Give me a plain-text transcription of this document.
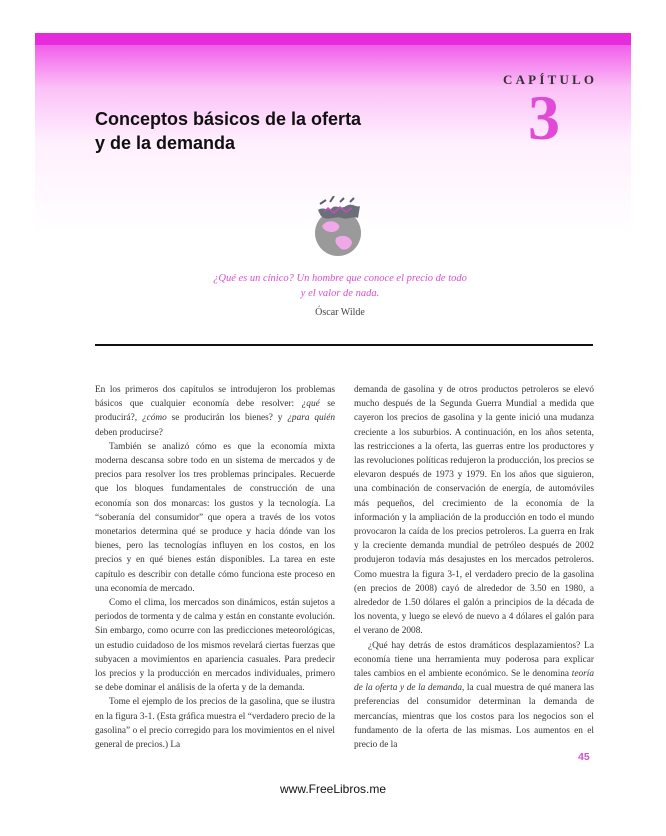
CAPÍTULO
3
Conceptos básicos de la oferta
y de la demanda
¿Qué es un cínico? Un hombre que conoce el precio de todo
y el valor de nada.
Óscar Wilde

En los primeros dos capítulos se introdujeron los problemas básicos que cualquier economía debe resolver: ¿qué se producirá?, ¿cómo se producirán los bienes? y ¿para quién deben producirse?

También se analizó cómo es que la economía mixta moderna descansa sobre todo en un sistema de mercados y de precios para resolver los tres problemas principales. Recuerde que los bloques fundamentales de construcción de una economía son dos monarcas: los gustos y la tecnología. La “soberanía del consumidor” que opera a través de los votos monetarios determina qué se produce y hacia dónde van los bienes, pero las tecnologías influyen en los costos, en los precios y en qué bienes están disponibles. La tarea en este capítulo es describir con detalle cómo funciona este proceso en una economía de mercado.

Como el clima, los mercados son dinámicos, están sujetos a periodos de tormenta y de calma y están en constante evolución. Sin embargo, como ocurre con las predicciones meteorológicas, un estudio cuidadoso de los mismos revelará ciertas fuerzas que subyacen a movimientos en apariencia casuales. Para predecir los precios y la producción en mercados individuales, primero se debe dominar el análisis de la oferta y de la demanda.

Tome el ejemplo de los precios de la gasolina, que se ilustra en la figura 3-1. (Esta gráfica muestra el “verdadero precio de la gasolina” o el precio corregido para los movimientos en el nivel general de precios.) La

demanda de gasolina y de otros productos petroleros se elevó mucho después de la Segunda Guerra Mundial a medida que cayeron los precios de gasolina y la gente inició una mudanza creciente a los suburbios. A continuación, en los años setenta, las restricciones a la oferta, las guerras entre los productores y las revoluciones políticas redujeron la producción, los precios se elevaron después de 1973 y 1979. En los años que siguieron, una combinación de conservación de energía, de automóviles más pequeños, del crecimiento de la economía de la información y la ampliación de la producción en todo el mundo provocaron la caída de los precios petroleros. La guerra en Irak y la creciente demanda mundial de petróleo después de 2002 produjeron todavía más desajustes en los mercados petroleros. Como muestra la figura 3-1, el verdadero precio de la gasolina (en precios de 2008) cayó de alrededor de 3.50 en 1980, a alrededor de 1.50 dólares el galón a principios de la década de los noventa, y luego se elevó de nuevo a 4 dólares el galón para el verano de 2008.

¿Qué hay detrás de estos dramáticos desplazamientos? La economía tiene una herramienta muy poderosa para explicar tales cambios en el ambiente económico. Se le denomina teoría de la oferta y de la demanda, la cual muestra de qué manera las preferencias del consumidor determinan la demanda de mercancías, mientras que los costos para los negocios son el fundamento de la oferta de las mismas. Los aumentos en el precio de la

45
www.FreeLibros.me
